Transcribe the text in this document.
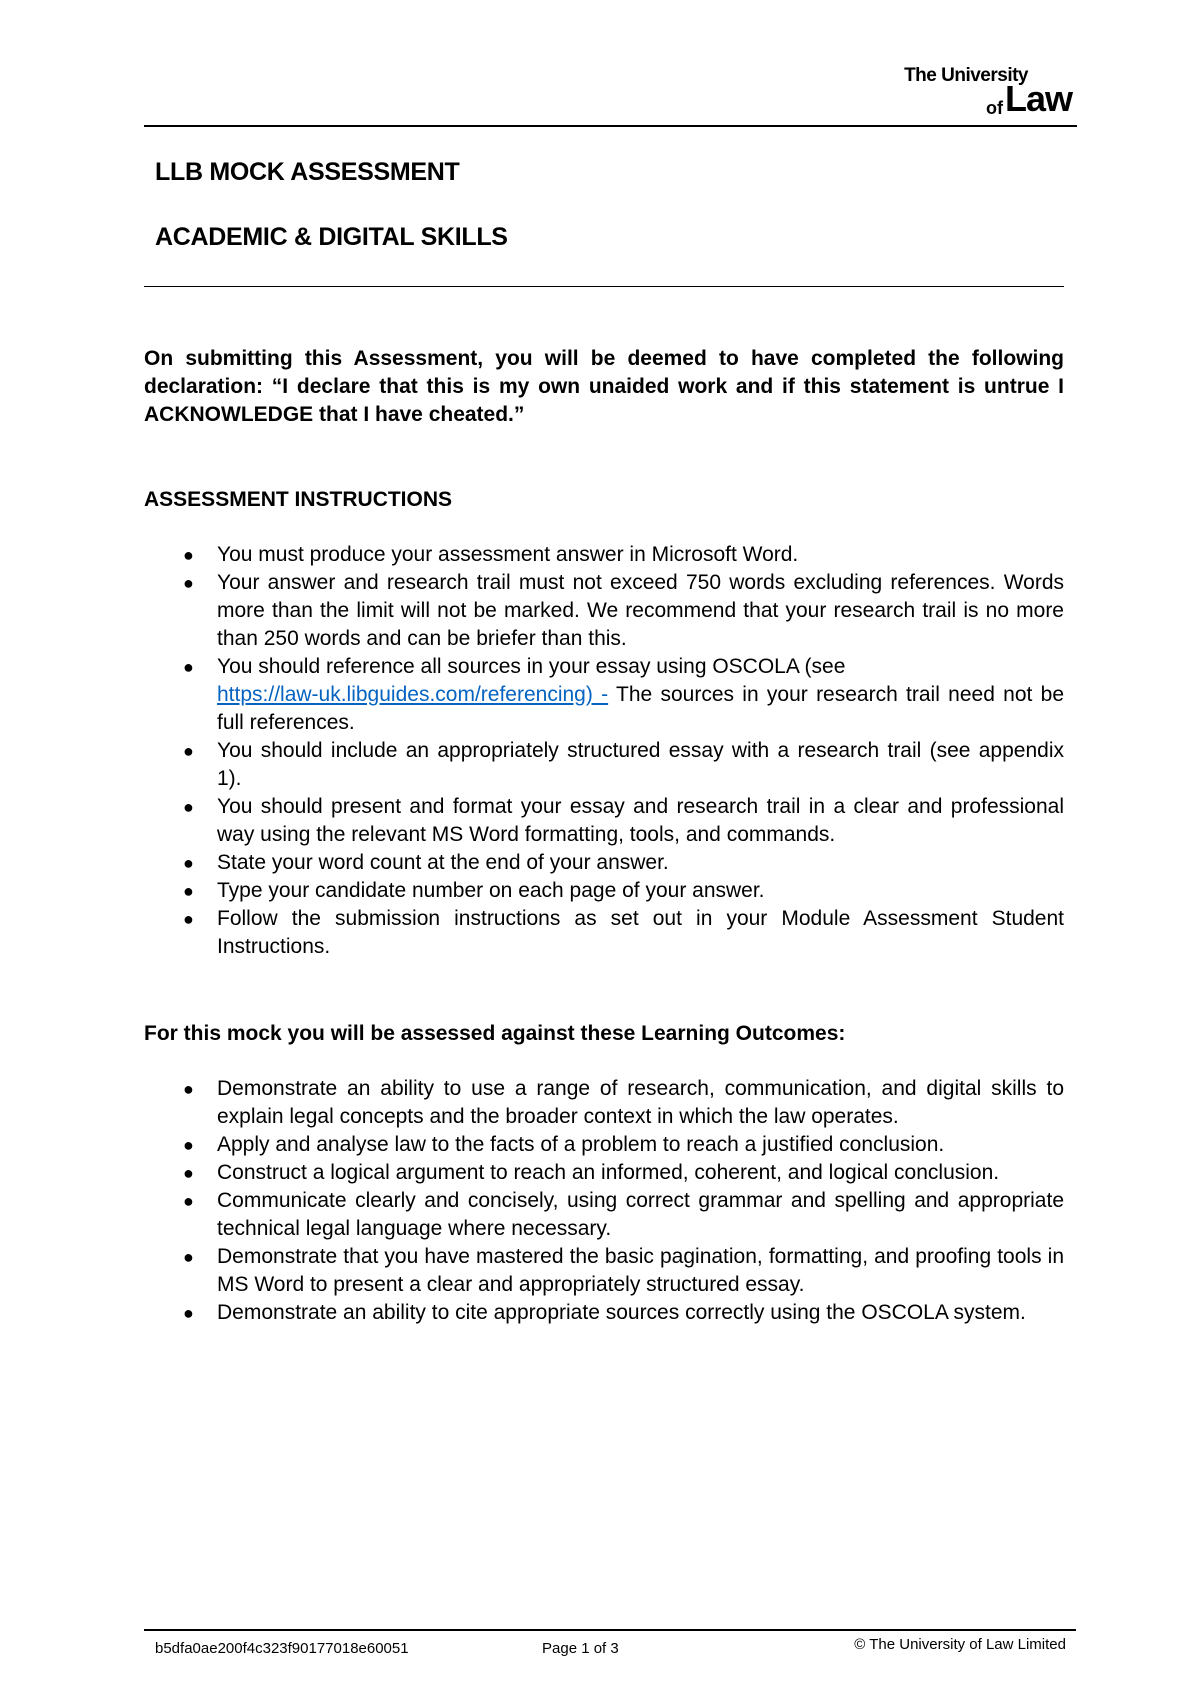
The University
ofLaw
LLB MOCK ASSESSMENT
ACADEMIC & DIGITAL SKILLS
On submitting this Assessment, you will be deemed to have completed the following declaration: “I declare that this is my own unaided work and if this statement is untrue I ACKNOWLEDGE that I have cheated.”
ASSESSMENT INSTRUCTIONS
● You must produce your assessment answer in Microsoft Word.
● Your answer and research trail must not exceed 750 words excluding references. Words more than the limit will not be marked. We recommend that your research trail is no more than 250 words and can be briefer than this.
● You should reference all sources in your essay using OSCOLA (see
https://law-uk.libguides.com/referencing) - The sources in your research trail need not be full references.
● You should include an appropriately structured essay with a research trail (see appendix 1).
● You should present and format your essay and research trail in a clear and professional way using the relevant MS Word formatting, tools, and commands.
● State your word count at the end of your answer.
● Type your candidate number on each page of your answer.
● Follow the submission instructions as set out in your Module Assessment Student Instructions.
For this mock you will be assessed against these Learning Outcomes:
● Demonstrate an ability to use a range of research, communication, and digital skills to explain legal concepts and the broader context in which the law operates.
● Apply and analyse law to the facts of a problem to reach a justified conclusion.
● Construct a logical argument to reach an informed, coherent, and logical conclusion.
● Communicate clearly and concisely, using correct grammar and spelling and appropriate technical legal language where necessary.
● Demonstrate that you have mastered the basic pagination, formatting, and proofing tools in MS Word to present a clear and appropriately structured essay.
● Demonstrate an ability to cite appropriate sources correctly using the OSCOLA system.
b5dfa0ae200f4c323f90177018e60051	Page 1 of 3	© The University of Law Limited
